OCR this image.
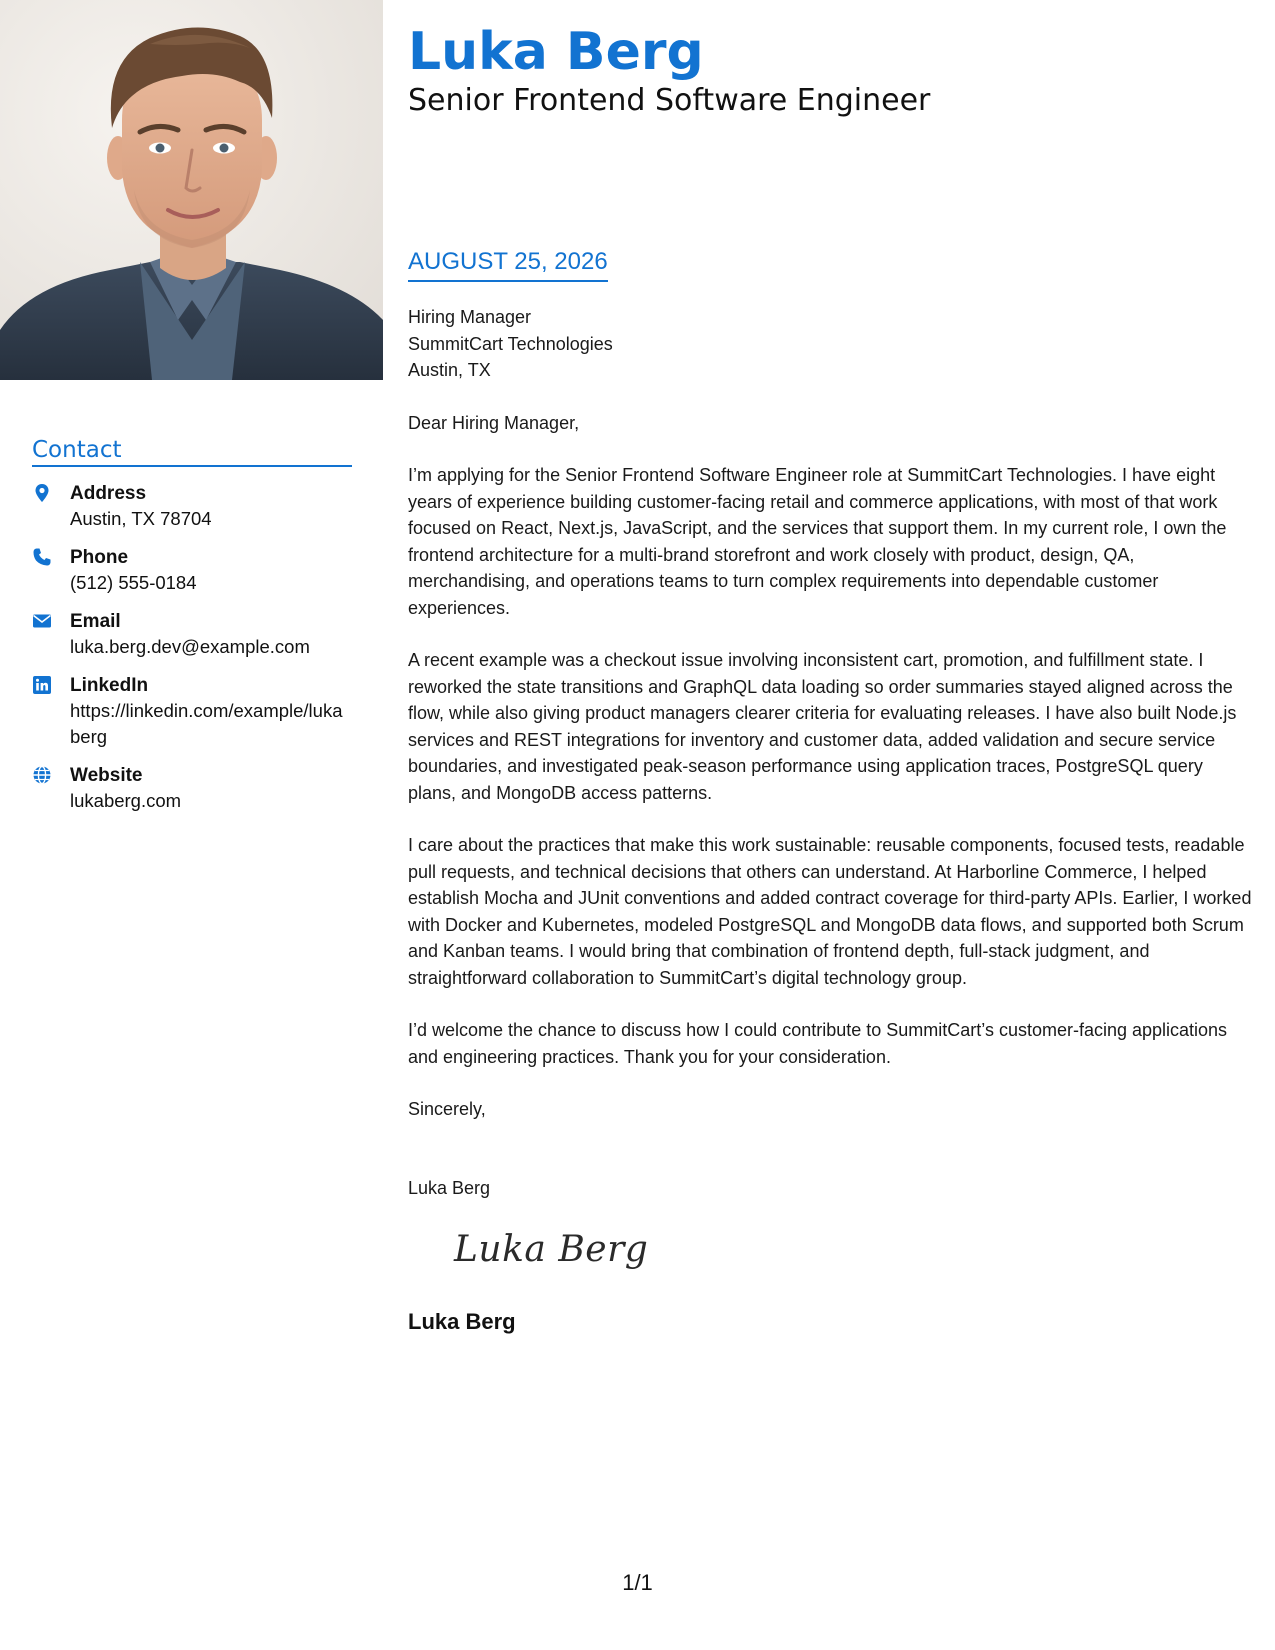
Contact
Address
Austin, TX 78704
Phone
(512) 555-0184
Email
luka.berg.dev@example.com
LinkedIn
https://linkedin.com/example/lukaberg
Website
lukaberg.com
Luka Berg
Senior Frontend Software Engineer
AUGUST 25, 2026

Hiring Manager

SummitCart Technologies

Austin, TX

Dear Hiring Manager,

I’m applying for the Senior Frontend Software Engineer role at SummitCart Technologies. I have eight years of experience building customer-facing retail and commerce applications, with most of that work focused on React, Next.js, JavaScript, and the services that support them. In my current role, I own the frontend architecture for a multi-brand storefront and work closely with product, design, QA, merchandising, and operations teams to turn complex requirements into dependable customer experiences.

A recent example was a checkout issue involving inconsistent cart, promotion, and fulfillment state. I reworked the state transitions and GraphQL data loading so order summaries stayed aligned across the flow, while also giving product managers clearer criteria for evaluating releases. I have also built Node.js services and REST integrations for inventory and customer data, added validation and secure service boundaries, and investigated peak-season performance using application traces, PostgreSQL query plans, and MongoDB access patterns.

I care about the practices that make this work sustainable: reusable components, focused tests, readable pull requests, and technical decisions that others can understand. At Harborline Commerce, I helped establish Mocha and JUnit conventions and added contract coverage for third-party APIs. Earlier, I worked with Docker and Kubernetes, modeled PostgreSQL and MongoDB data flows, and supported both Scrum and Kanban teams. I would bring that combination of frontend depth, full-stack judgment, and straightforward collaboration to SummitCart’s digital technology group.

I’d welcome the chance to discuss how I could contribute to SummitCart’s customer-facing applications and engineering practices. Thank you for your consideration.

Sincerely,

Luka Berg

Luka Berg
Luka Berg
1/1
